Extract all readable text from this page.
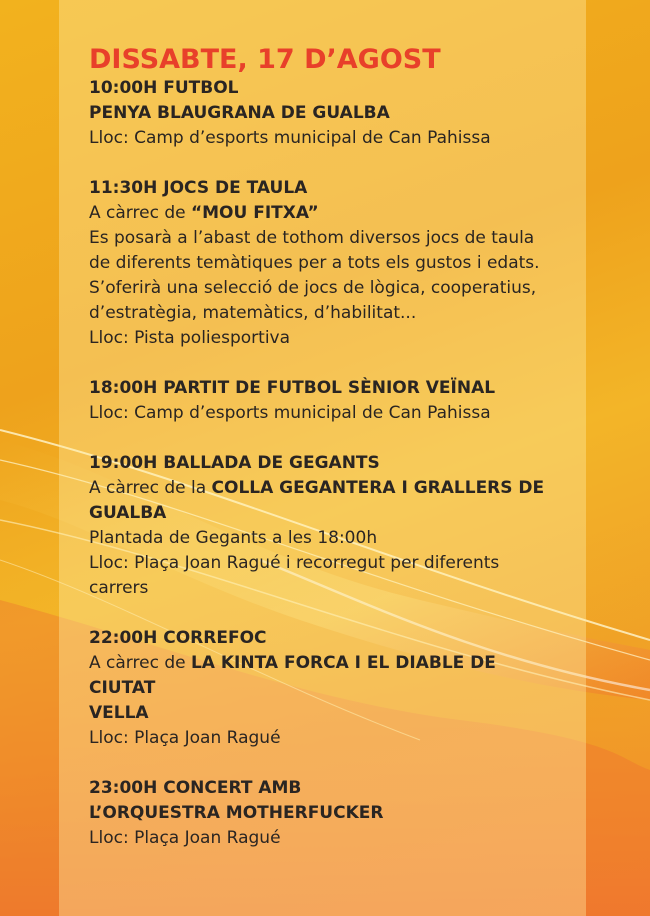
DISSABTE, 17 D’AGOST
10:00H FUTBOL
PENYA BLAUGRANA DE GUALBA
Lloc: Camp d’esports municipal de Can Pahissa
11:30H JOCS DE TAULA
A càrrec de “MOU FITXA”
Es posarà a l’abast de tothom diversos jocs de taula
de diferents temàtiques per a tots els gustos i edats.
S’oferirà una selecció de jocs de lògica, cooperatius,
d’estratègia, matemàtics, d’habilitat...
Lloc: Pista poliesportiva
18:00H PARTIT DE FUTBOL SÈNIOR VEÏNAL
Lloc: Camp d’esports municipal de Can Pahissa
19:00H BALLADA DE GEGANTS
A càrrec de la COLLA GEGANTERA I GRALLERS DE
GUALBA
Plantada de Gegants a les 18:00h
Lloc: Plaça Joan Ragué i recorregut per diferents
carrers
22:00H CORREFOC
A càrrec de LA KINTA FORCA I EL DIABLE DE CIUTAT
VELLA
Lloc: Plaça Joan Ragué
23:00H CONCERT AMB
L’ORQUESTRA MOTHERFUCKER
Lloc: Plaça Joan Ragué
